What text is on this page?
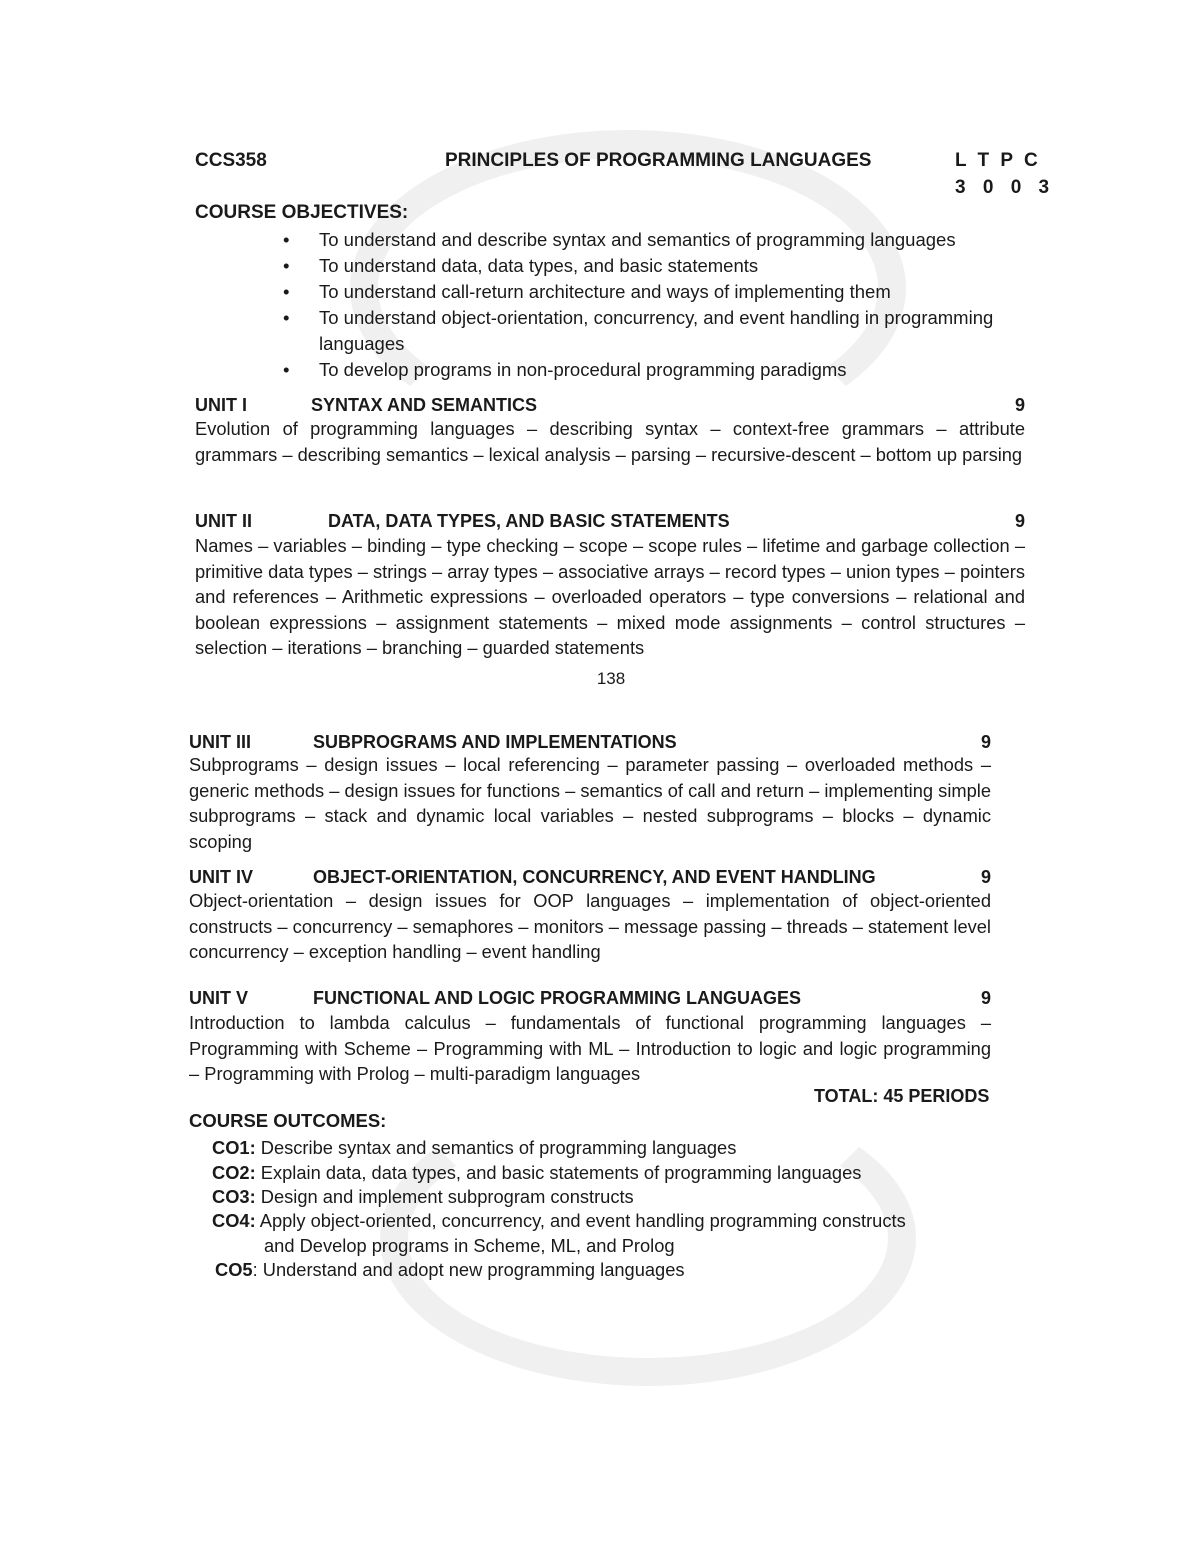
CCS358	PRINCIPLES OF PROGRAMMING LANGUAGES	L T P C
3 0 0 3
COURSE OBJECTIVES:
• To understand and describe syntax and semantics of programming languages
• To understand data, data types, and basic statements
• To understand call-return architecture and ways of implementing them
• To understand object-orientation, concurrency, and event handling in programming languages
• To develop programs in non-procedural programming paradigms
UNIT I	SYNTAX AND SEMANTICS	9
Evolution of programming languages – describing syntax – context-free grammars – attribute grammars – describing semantics – lexical analysis – parsing – recursive-descent – bottom up parsing
UNIT II	DATA, DATA TYPES, AND BASIC STATEMENTS	9
Names – variables – binding – type checking – scope – scope rules – lifetime and garbage collection – primitive data types – strings – array types – associative arrays – record types – union types – pointers and references – Arithmetic expressions – overloaded operators – type conversions – relational and boolean expressions – assignment statements – mixed mode assignments – control structures – selection – iterations – branching – guarded statements
138
UNIT III	SUBPROGRAMS AND IMPLEMENTATIONS	9
Subprograms – design issues – local referencing – parameter passing – overloaded methods – generic methods – design issues for functions – semantics of call and return – implementing simple subprograms – stack and dynamic local variables – nested subprograms – blocks – dynamic scoping
UNIT IV	OBJECT-ORIENTATION, CONCURRENCY, AND EVENT HANDLING	9
Object-orientation – design issues for OOP languages – implementation of object-oriented constructs – concurrency – semaphores – monitors – message passing – threads – statement level concurrency – exception handling – event handling
UNIT V	FUNCTIONAL AND LOGIC PROGRAMMING LANGUAGES	9
Introduction to lambda calculus – fundamentals of functional programming languages – Programming with Scheme – Programming with ML – Introduction to logic and logic programming – Programming with Prolog – multi-paradigm languages
TOTAL: 45 PERIODS
COURSE OUTCOMES:
CO1: Describe syntax and semantics of programming languages
CO2: Explain data, data types, and basic statements of programming languages
CO3: Design and implement subprogram constructs
CO4: Apply object-oriented, concurrency, and event handling programming constructs
and Develop programs in Scheme, ML, and Prolog
CO5: Understand and adopt new programming languages
